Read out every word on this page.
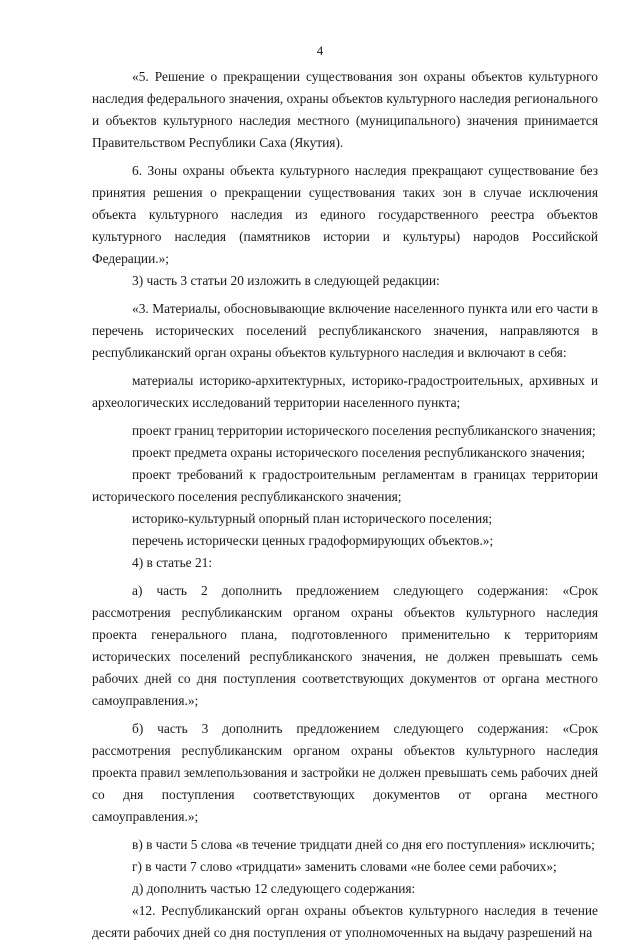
4

«5. Решение о прекращении существования зон охраны объектов культурного наследия федерального значения, охраны объектов культурного наследия регионального и объектов культурного наследия местного (муниципального) значения принимается Правительством Республики Саха (Якутия).

6. Зоны охраны объекта культурного наследия прекращают существование без принятия решения о прекращении существования таких зон в случае исключения объекта культурного наследия из единого государственного реестра объектов культурного наследия (памятников истории и культуры) народов Российской Федерации.»;

3) часть 3 статьи 20 изложить в следующей редакции:

«3. Материалы, обосновывающие включение населенного пункта или его части в перечень исторических поселений республиканского значения, направляются в республиканский орган охраны объектов культурного наследия и включают в себя:

материалы историко-архитектурных, историко-градостроительных, архивных и археологических исследований территории населенного пункта;

проект границ территории исторического поселения республиканского значения;

проект предмета охраны исторического поселения республиканского значения;

проект требований к градостроительным регламентам в границах территории исторического поселения республиканского значения;

историко-культурный опорный план исторического поселения;

перечень исторически ценных градоформирующих объектов.»;

4) в статье 21:

а) часть 2 дополнить предложением следующего содержания: «Срок рассмотрения республиканским органом охраны объектов культурного наследия проекта генерального плана, подготовленного применительно к территориям исторических поселений республиканского значения, не должен превышать семь рабочих дней со дня поступления соответствующих документов от органа местного самоуправления.»;

б) часть 3 дополнить предложением следующего содержания: «Срок рассмотрения республиканским органом охраны объектов культурного наследия проекта правил землепользования и застройки не должен превышать семь рабочих дней со дня поступления соответствующих документов от органа местного самоуправления.»;

в) в части 5 слова «в течение тридцати дней со дня его поступления» исключить;

г) в части 7 слово «тридцати» заменить словами «не более семи рабочих»;

д) дополнить частью 12 следующего содержания:

«12. Республиканский орган охраны объектов культурного наследия в течение десяти рабочих дней со дня поступления от уполномоченных на выдачу разрешений на
